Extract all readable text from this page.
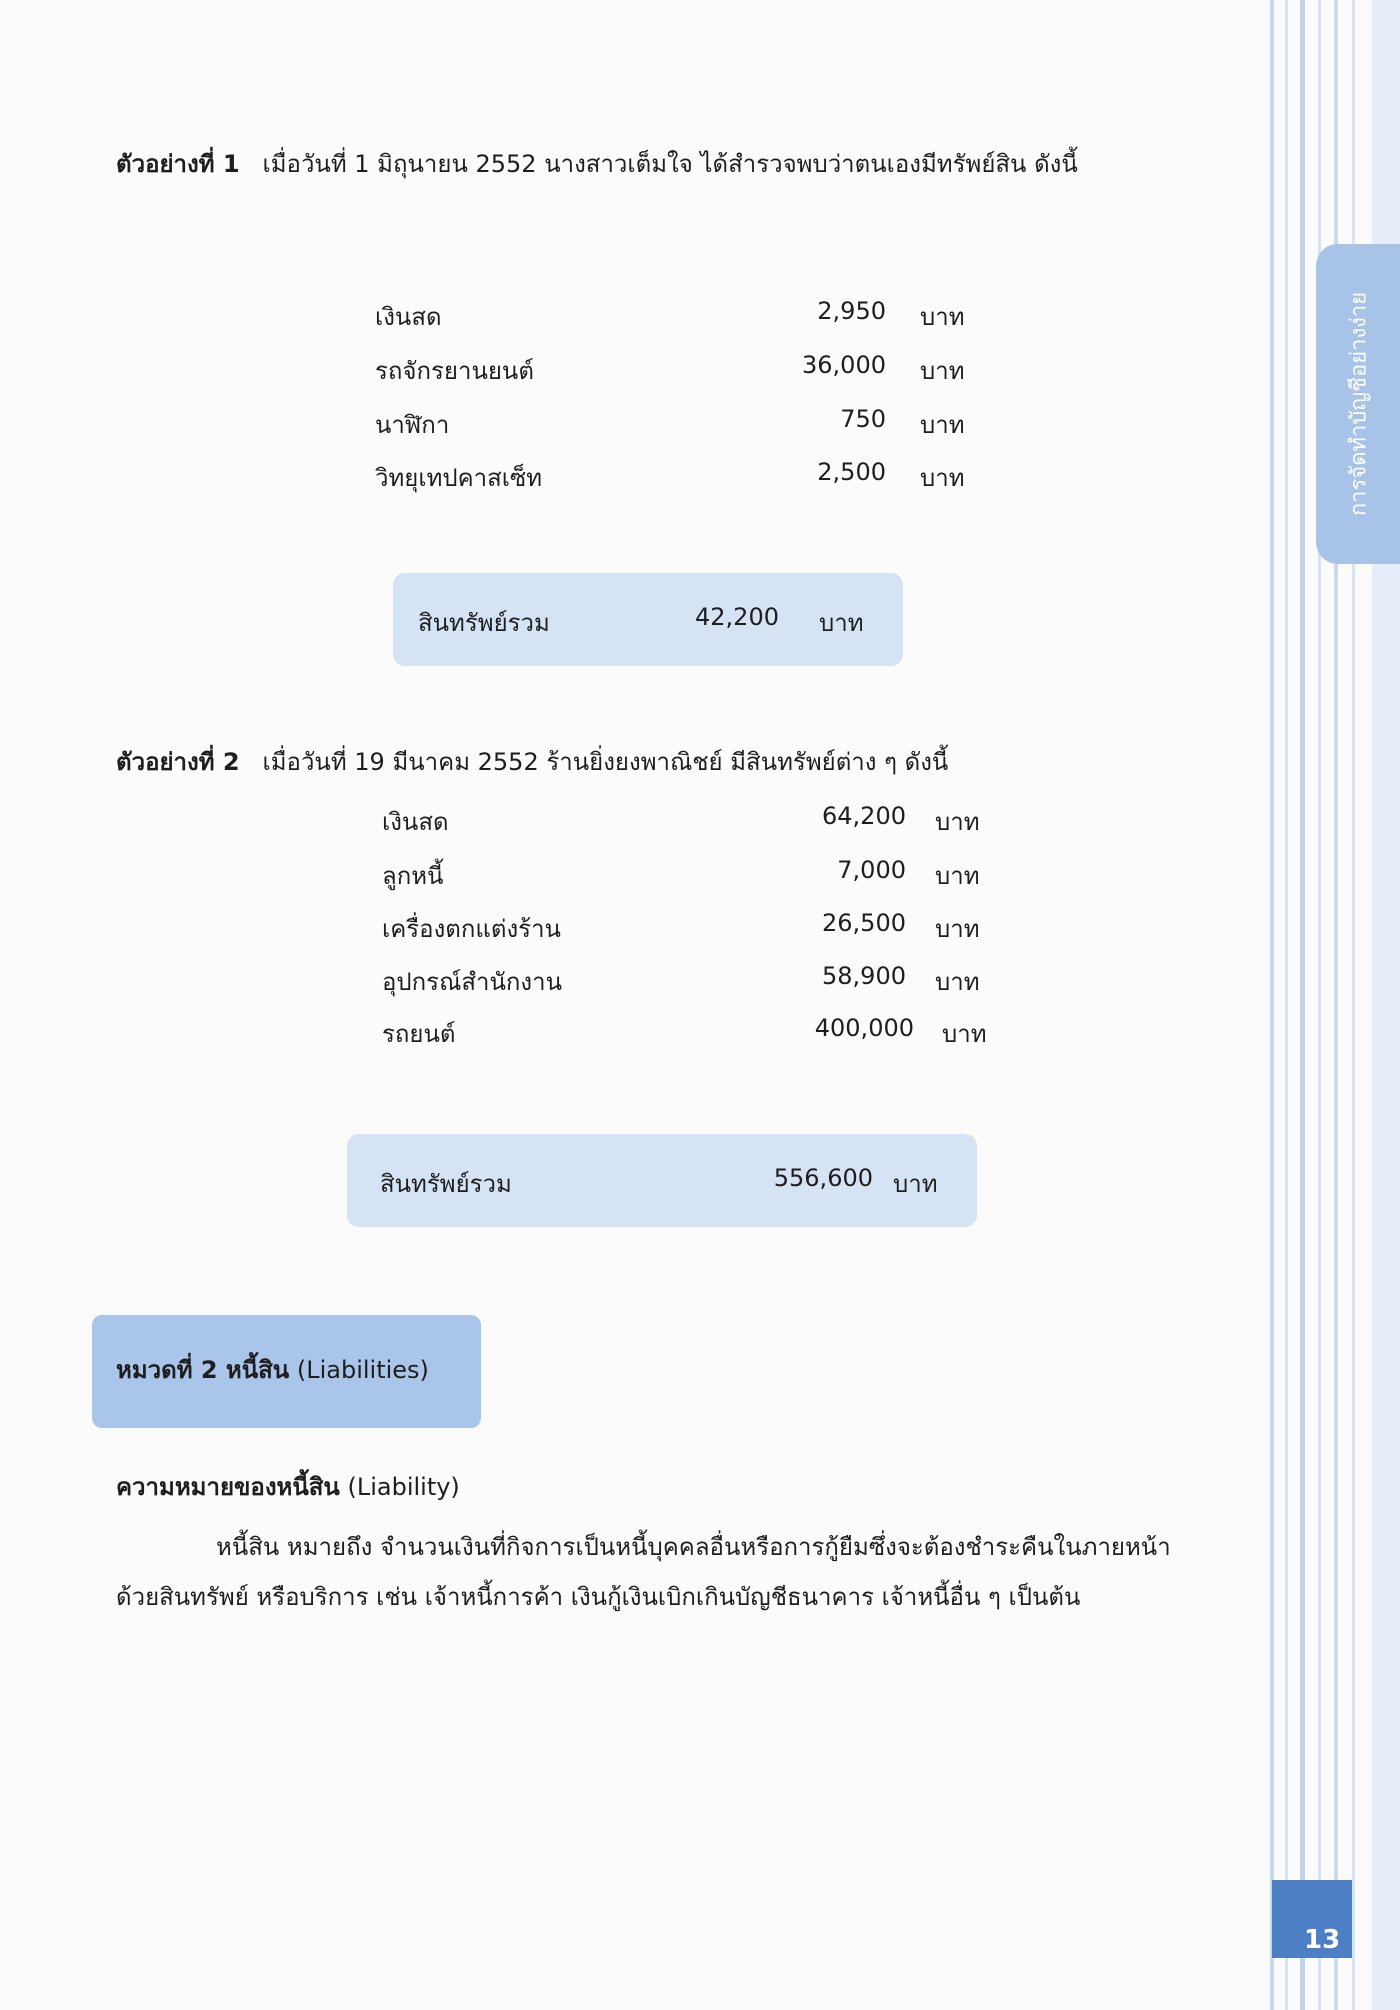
การจัดทำบัญชีอย่างง่าย
13
ตัวอย่างที่ 1 เมื่อวันที่ 1 มิถุนายน 2552 นางสาวเต็มใจ ได้สำรวจพบว่าตนเองมีทรัพย์สิน ดังนี้
เงินสด	2,950 บาท
รถจักรยานยนต์	36,000 บาท
นาฬิกา	750 บาท
วิทยุเทปคาสเซ็ท	2,500 บาท
สินทรัพย์รวม	42,200 บาท
ตัวอย่างที่ 2 เมื่อวันที่ 19 มีนาคม 2552 ร้านยิ่งยงพาณิชย์ มีสินทรัพย์ต่าง ๆ ดังนี้
เงินสด	64,200 บาท
ลูกหนี้	7,000 บาท
เครื่องตกแต่งร้าน	26,500 บาท
อุปกรณ์สำนักงาน	58,900 บาท
รถยนต์	400,000 บาท
สินทรัพย์รวม	556,600 บาท
หมวดที่ 2 หนี้สิน (Liabilities)
ความหมายของหนี้สิน (Liability)
หนี้สิน หมายถึง จำนวนเงินที่กิจการเป็นหนี้บุคคลอื่นหรือการกู้ยืมซึ่งจะต้องชำระคืนในภายหน้า
ด้วยสินทรัพย์ หรือบริการ เช่น เจ้าหนี้การค้า เงินกู้เงินเบิกเกินบัญชีธนาคาร เจ้าหนี้อื่น ๆ เป็นต้น
